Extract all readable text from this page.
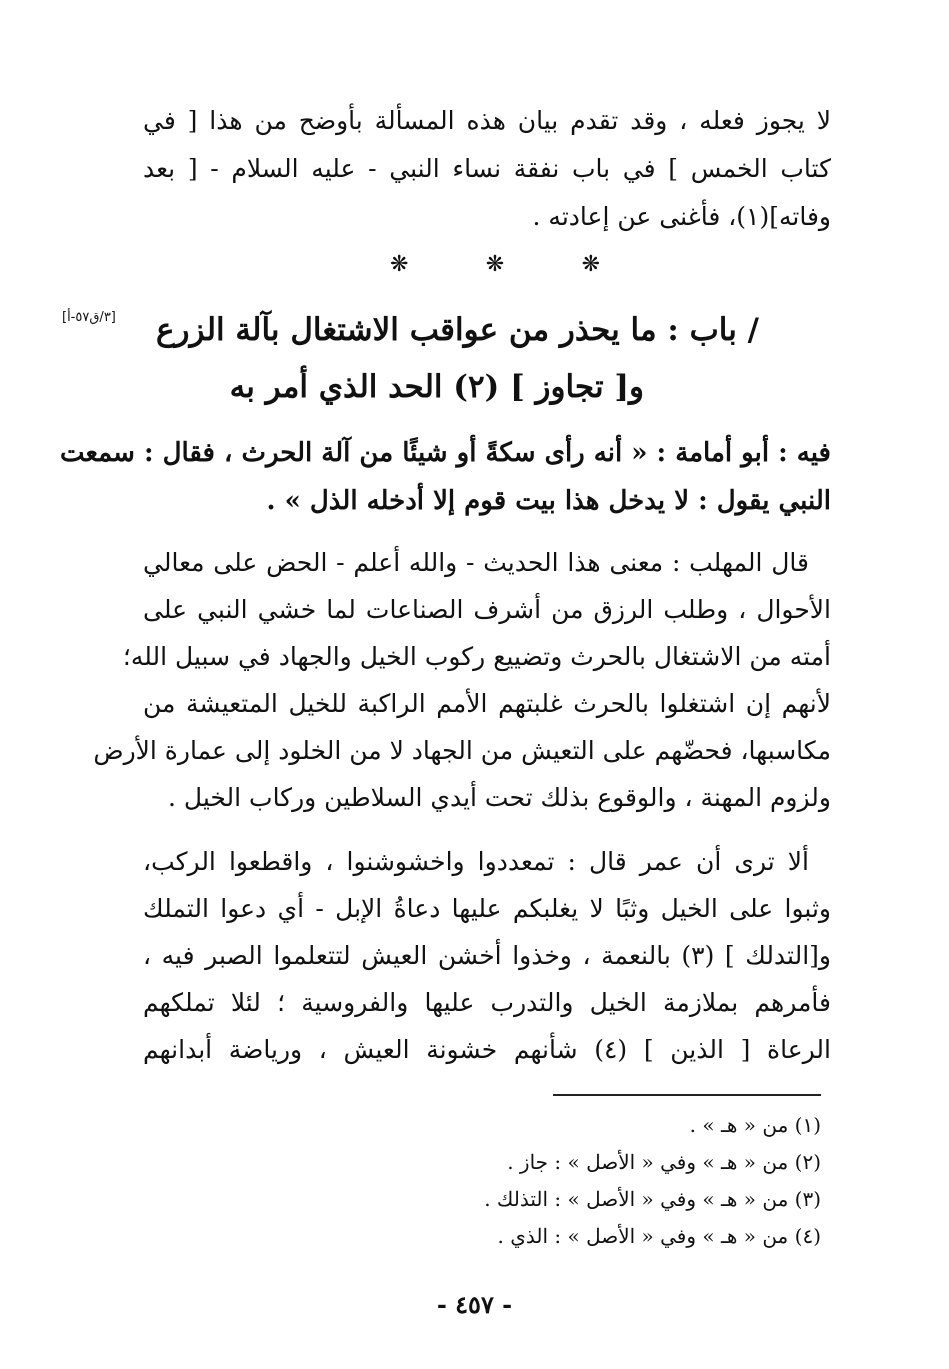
لا يجوز فعله ، وقد تقدم بيان هذه المسألة بأوضح من هذا [ في
كتاب الخمس ] في باب نفقة نساء النبي - عليه السلام - [ بعد
وفاته](١)، فأغنى عن إعادته .
❋	❋	❋
[٣/ق٥٧-أ] / باب : ما يحذر من عواقب الاشتغال بآلة الزرع
و[ تجاوز ] (٢) الحد الذي أمر به
فيه : أبو أمامة : « أنه رأى سكةً أو شيئًا من آلة الحرث ، فقال : سمعت
النبي يقول : لا يدخل هذا بيت قوم إلا أدخله الذل » .
قال المهلب : معنى هذا الحديث - والله أعلم - الحض على معالي
الأحوال ، وطلب الرزق من أشرف الصناعات لما خشي النبي على
أمته من الاشتغال بالحرث وتضييع ركوب الخيل والجهاد في سبيل الله؛
لأنهم إن اشتغلوا بالحرث غلبتهم الأمم الراكبة للخيل المتعيشة من
مكاسبها، فحضّهم على التعيش من الجهاد لا من الخلود إلى عمارة الأرض
ولزوم المهنة ، والوقوع بذلك تحت أيدي السلاطين وركاب الخيل .
ألا ترى أن عمر قال : تمعددوا واخشوشنوا ، واقطعوا الركب،
وثبوا على الخيل وثبًا لا يغلبكم عليها دعاةُ الإبل - أي دعوا التملك
و[التدلك ] (٣) بالنعمة ، وخذوا أخشن العيش لتتعلموا الصبر فيه ،
فأمرهم بملازمة الخيل والتدرب عليها والفروسية ؛ لئلا تملكهم
الرعاة [ الذين ] (٤) شأنهم خشونة العيش ، ورياضة أبدانهم
(١) من « هـ » .
(٢) من « هـ » وفي « الأصل » : جاز .
(٣) من « هـ » وفي « الأصل » : التذلك .
(٤) من « هـ » وفي « الأصل » : الذي .
- ٤٥٧ -
